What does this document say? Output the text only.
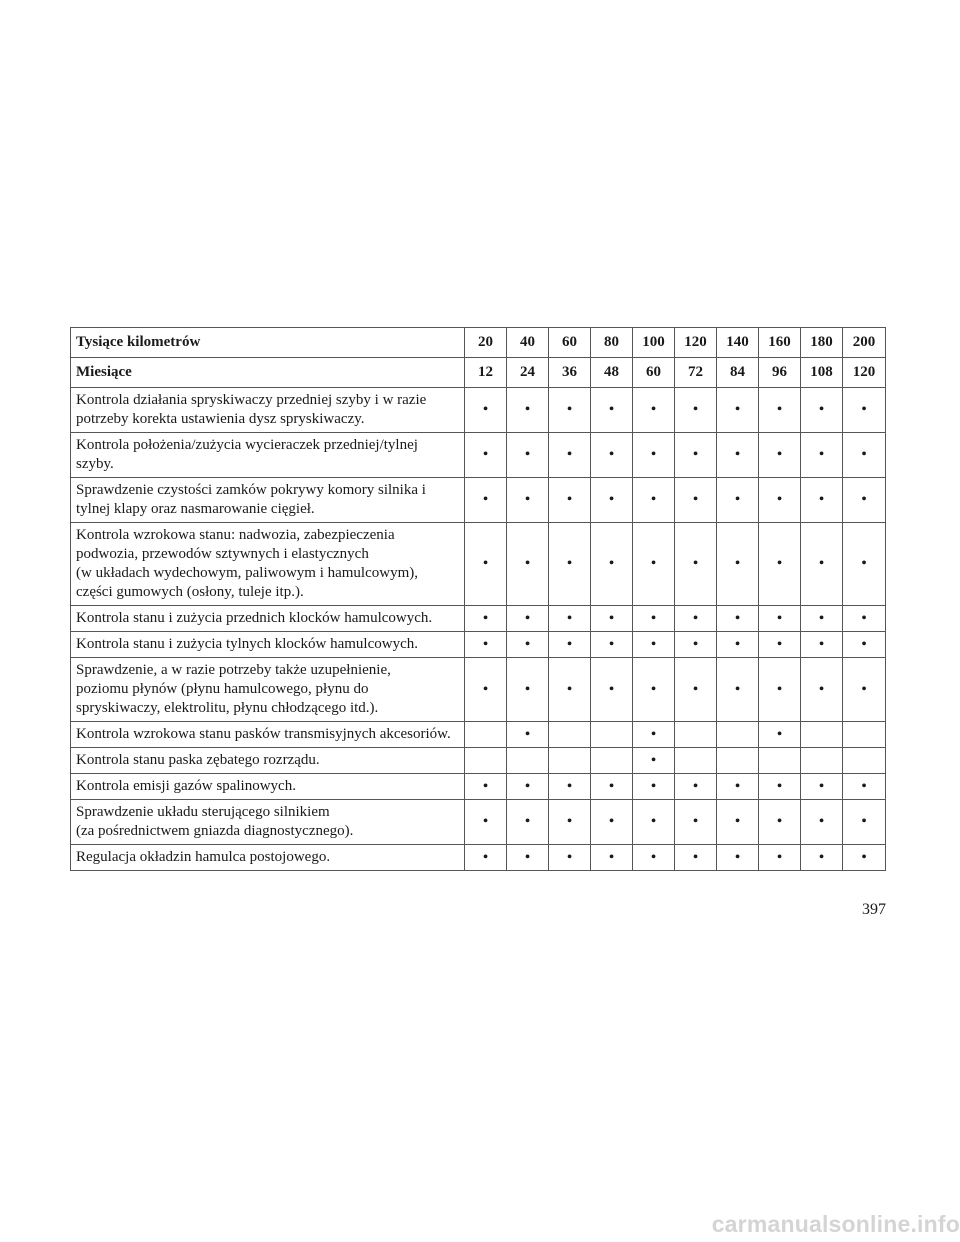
Tysiące kilometrów	20	40	60	80	100	120	140	160	180	200
Miesiące	12	24	36	48	60	72	84	96	108	120

Kontrola działania spryskiwaczy przedniej szyby i w razie
potrzeby korekta ustawienia dysz spryskiwaczy.	•	•	•	•	•	•	•	•	•	•

Kontrola położenia/zużycia wycieraczek przedniej/tylnej
szyby.	•	•	•	•	•	•	•	•	•	•

Sprawdzenie czystości zamków pokrywy komory silnika i
tylnej klapy oraz nasmarowanie cięgieł.	•	•	•	•	•	•	•	•	•	•

Kontrola wzrokowa stanu: nadwozia, zabezpieczenia
podwozia, przewodów sztywnych i elastycznych
(w układach wydechowym, paliwowym i hamulcowym),
części gumowych (osłony, tuleje itp.).	•	•	•	•	•	•	•	•	•	•

Kontrola stanu i zużycia przednich klocków hamulcowych.	•	•	•	•	•	•	•	•	•	•

Kontrola stanu i zużycia tylnych klocków hamulcowych.	•	•	•	•	•	•	•	•	•	•

Sprawdzenie, a w razie potrzeby także uzupełnienie,
poziomu płynów (płynu hamulcowego, płynu do
spryskiwaczy, elektrolitu, płynu chłodzącego itd.).	•	•	•	•	•	•	•	•	•	•

Kontrola wzrokowa stanu pasków transmisyjnych akcesoriów.		•			•			•		

Kontrola stanu paska zębatego rozrządu.					•					

Kontrola emisji gazów spalinowych.	•	•	•	•	•	•	•	•	•	•

Sprawdzenie układu sterującego silnikiem
(za pośrednictwem gniazda diagnostycznego).	•	•	•	•	•	•	•	•	•	•

Regulacja okładzin hamulca postojowego.	•	•	•	•	•	•	•	•	•	•
397
carmanualsonline.info
